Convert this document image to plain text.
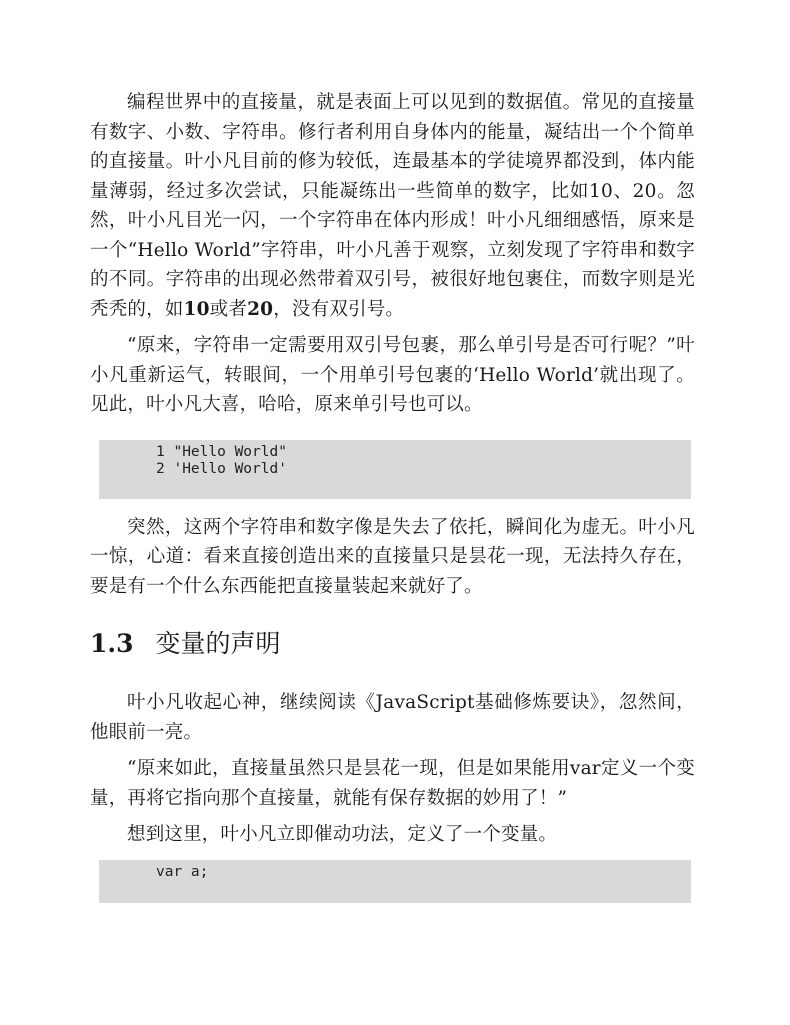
编程世界中的直接量，就是表面上可以见到的数据值。常见的直接量有数字、小数、字符串。修行者利用自身体内的能量，凝结出一个个简单的直接量。叶小凡目前的修为较低，连最基本的学徒境界都没到，体内能量薄弱，经过多次尝试，只能凝练出一些简单的数字，比如10、20。忽然，叶小凡目光一闪，一个字符串在体内形成！叶小凡细细感悟，原来是一个“Hello World”字符串，叶小凡善于观察，立刻发现了字符串和数字的不同。字符串的出现必然带着双引号，被很好地包裹住，而数字则是光秃秃的，如10或者20，没有双引号。

“原来，字符串一定需要用双引号包裹，那么单引号是否可行呢？”叶小凡重新运气，转眼间，一个用单引号包裹的‘Hello World’就出现了。见此，叶小凡大喜，哈哈，原来单引号也可以。

1 "Hello World"
2 'Hello World'

突然，这两个字符串和数字像是失去了依托，瞬间化为虚无。叶小凡一惊，心道：看来直接创造出来的直接量只是昙花一现，无法持久存在，要是有一个什么东西能把直接量装起来就好了。

1.3 变量的声明

叶小凡收起心神，继续阅读《JavaScript基础修炼要诀》，忽然间，他眼前一亮。

“原来如此，直接量虽然只是昙花一现，但是如果能用var定义一个变量，再将它指向那个直接量，就能有保存数据的妙用了！”

想到这里，叶小凡立即催动功法，定义了一个变量。

var a;
